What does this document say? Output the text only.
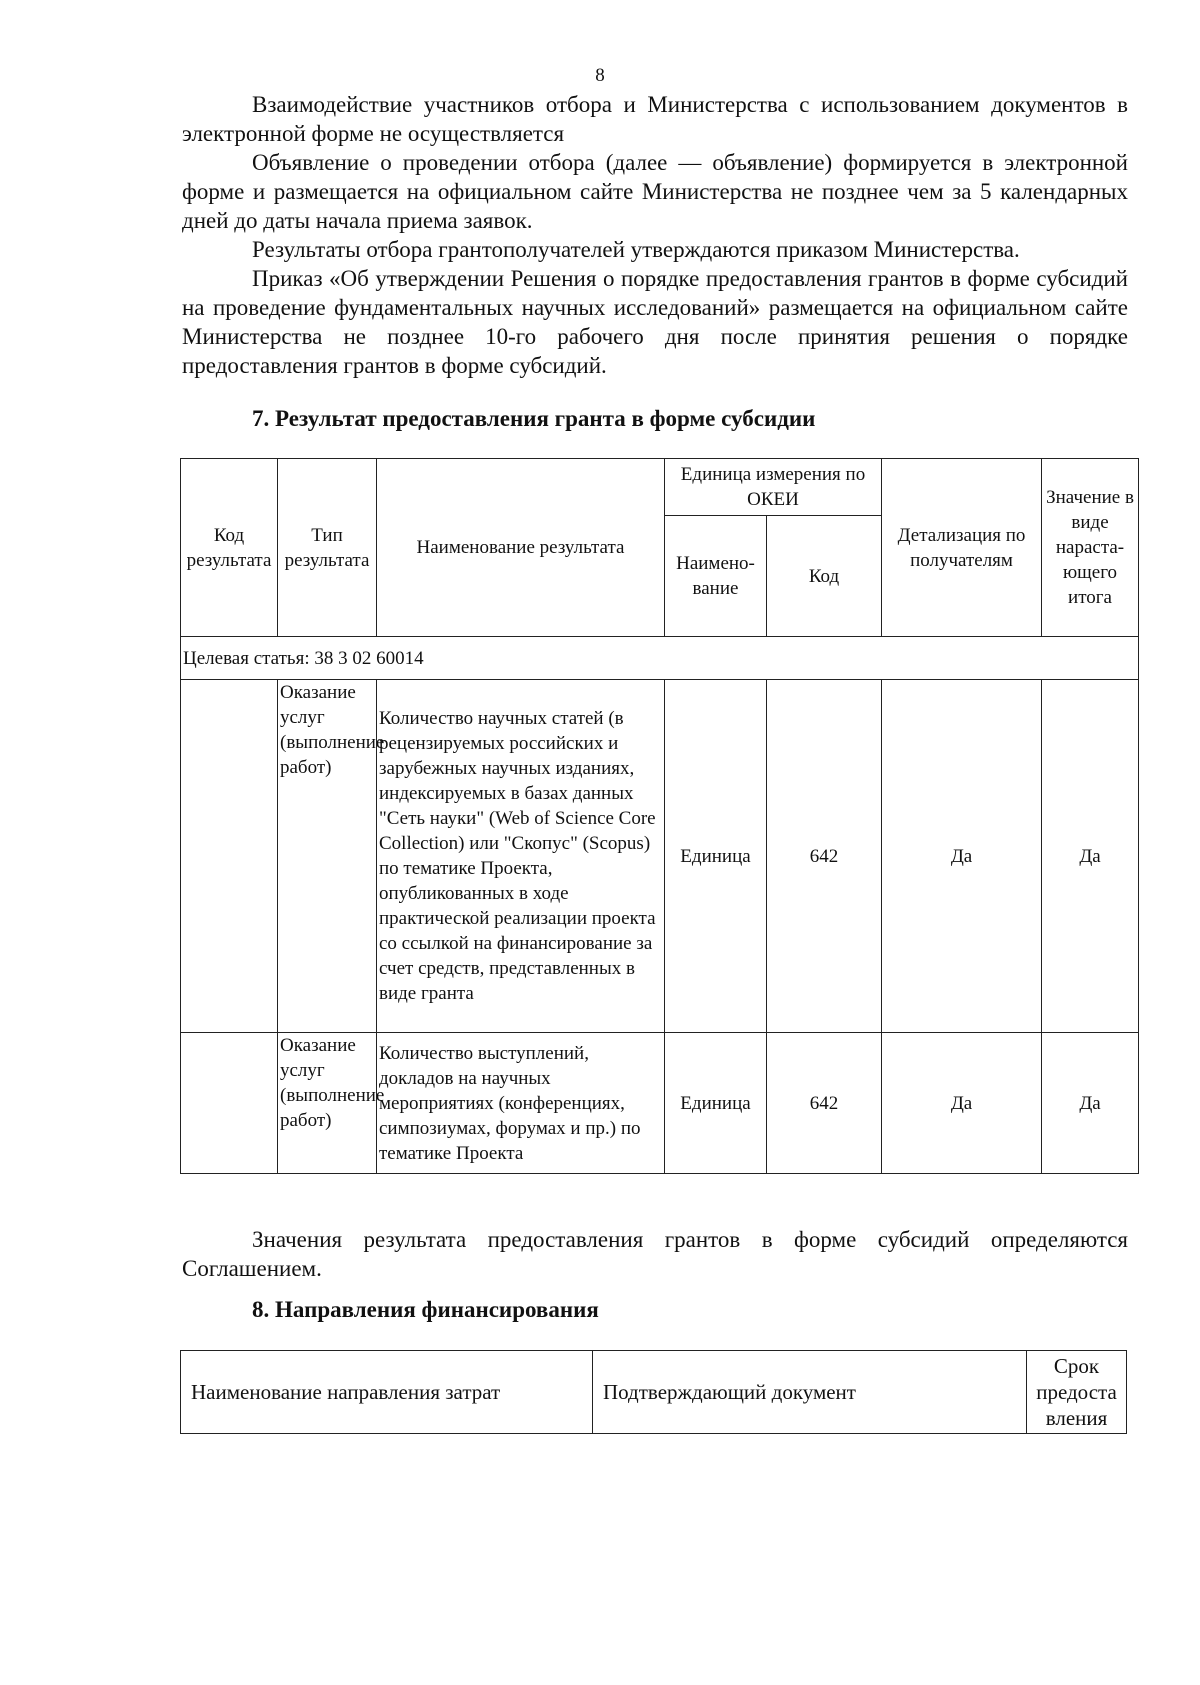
8

Взаимодействие участников отбора и Министерства с использованием документов в электронной форме не осуществляется

Объявление о проведении отбора (далее — объявление) формируется в электронной форме и размещается на официальном сайте Министерства не позднее чем за 5 календарных дней до даты начала приема заявок.

Результаты отбора грантополучателей утверждаются приказом Министерства.

Приказ «Об утверждении Решения о порядке предоставления грантов в форме субсидий на проведение фундаментальных научных исследований» размещается на официальном сайте Министерства не позднее 10-го рабочего дня после принятия решения о порядке предоставления грантов в форме субсидий.

7. Результат предоставления гранта в форме субсидии
Код результата	Тип результата	Наименование результата	Единица измерения по ОКЕИ		Детализация по получателям	Значение в виде нараста-ющего итога
			Наимено-вание	Код		
Целевая статья: 38 3 02 60014						
	Оказание услуг (выполнение работ)	Количество научных статей (в рецензируемых российских и зарубежных научных изданиях, индексируемых в базах данных "Сеть науки" (Web of Science Core Collection) или "Скопус" (Scopus) по тематике Проекта, опубликованных в ходе практической реализации проекта со ссылкой на финансирование за счет средств, представленных в виде гранта	Единица	642	Да	Да
	Оказание услуг (выполнение работ)	Количество выступлений, докладов на научных мероприятиях (конференциях, симпозиумах, форумах и пр.) по тематике Проекта	Единица	642	Да	Да

Значения результата предоставления грантов в форме субсидий определяются Соглашением.

8. Направления финансирования
Наименование направления затрат	Подтверждающий документ	Срок предоста вления
